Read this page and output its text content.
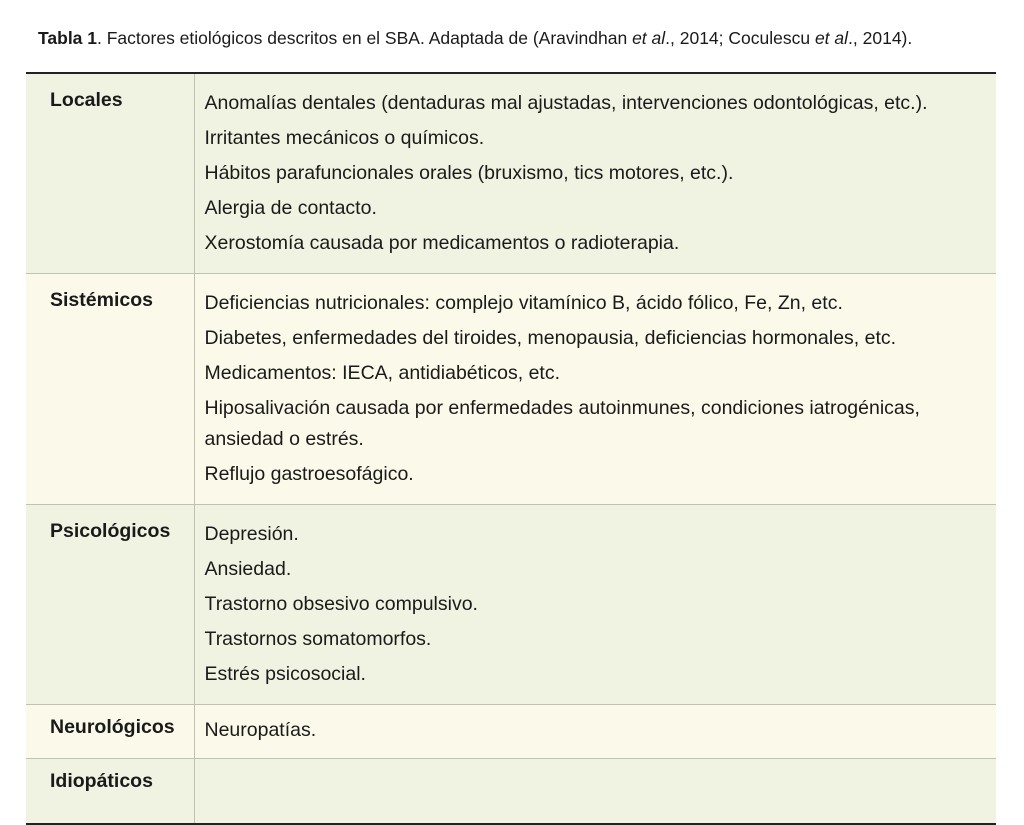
Tabla 1. Factores etiológicos descritos en el SBA. Adaptada de (Aravindhan et al., 2014; Coculescu et al., 2014).
Locales	Anomalías dentales (dentaduras mal ajustadas, intervenciones odontológicas, etc.).
Irritantes mecánicos o químicos.
Hábitos parafuncionales orales (bruxismo, tics motores, etc.).
Alergia de contacto.
Xerostomía causada por medicamentos o radioterapia.

Sistémicos	Deficiencias nutricionales: complejo vitamínico B, ácido fólico, Fe, Zn, etc.
Diabetes, enfermedades del tiroides, menopausia, deficiencias hormonales, etc.
Medicamentos: IECA, antidiabéticos, etc.
Hiposalivación causada por enfermedades autoinmunes, condiciones iatrogénicas, ansiedad o estrés.
Reflujo gastroesofágico.

Psicológicos	Depresión.
Ansiedad.
Trastorno obsesivo compulsivo.
Trastornos somatomorfos.
Estrés psicosocial.

Neurológicos	Neuropatías.

Idiopáticos	
